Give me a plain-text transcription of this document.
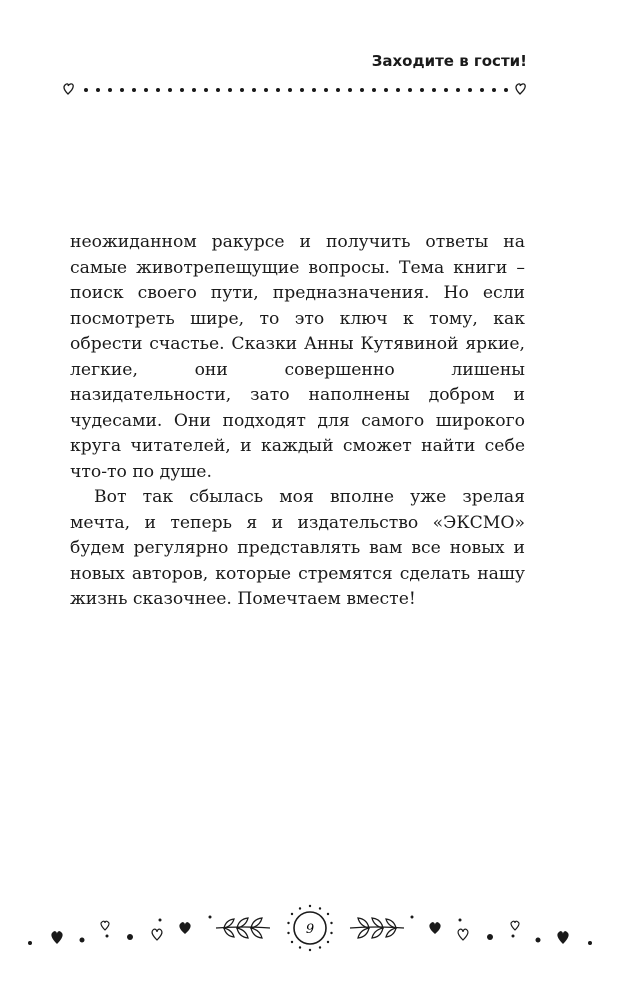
Заходите в гости!

неожиданном ракурсе и получить ответы на самые животрепещущие вопросы. Тема книги – поиск своего пути, предназначения. Но если посмотреть шире, то это ключ к тому, как обрести счастье. Сказки Анны Кутявиной яркие, легкие, они совершенно лишены назидательности, зато наполнены добром и чудесами. Они подходят для самого широкого круга читателей, и каждый сможет найти себе что-то по душе.

Вот так сбылась моя вполне уже зрелая мечта, и теперь я и издательство «ЭКСМО» будем регулярно представлять вам все новых и новых авторов, которые стремятся сделать нашу жизнь сказочнее. Помечтаем вместе!

9
